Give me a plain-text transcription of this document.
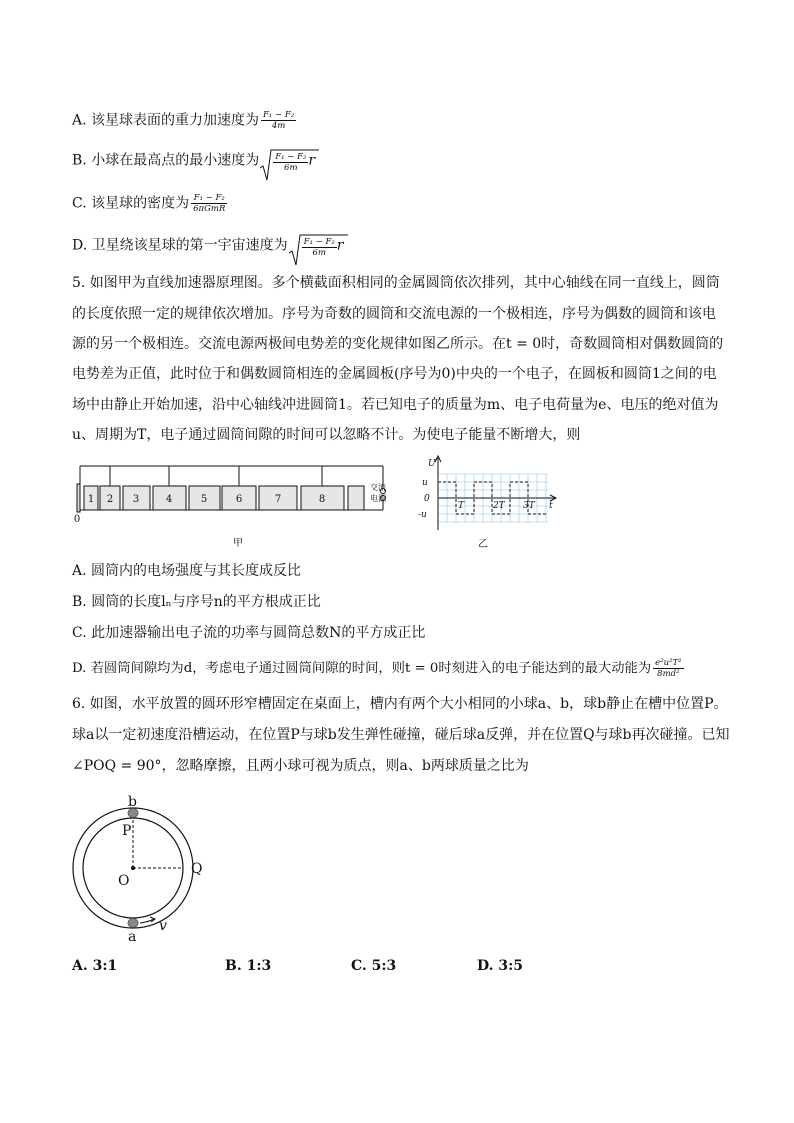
A. 该星球表面的重力加速度为 $\frac{\text{F₁ − F₂}}{4m}$
B. 小球在最高点的最小速度为 $\frac{\text{F₁ − F₂}}{6m}$ r
C. 该星球的密度为 $\frac{\text{F₁ − F₂}}{\text{6πGmR}}$
D. 卫星绕该星球的第一宇宙速度为 $\frac{\text{F₁ − F₂}}{6m}$ r
5. 如图甲为直线加速器原理图。多个横截面积相同的金属圆筒依次排列，其中心轴线在同一直线上，圆筒
的长度依照一定的规律依次增加。序号为奇数的圆筒和交流电源的一个极相连，序号为偶数的圆筒和该电
源的另一个极相连。交流电源两极间电势差的变化规律如图乙所示。在t = 0时，奇数圆筒相对偶数圆筒的
电势差为正值，此时位于和偶数圆筒相连的金属圆板(序号为0)中央的一个电子，在圆板和圆筒1之间的电
场中由静止开始加速，沿中心轴线冲进圆筒1。若已知电子的质量为m、电子电荷量为e、电压的绝对值为
u、周期为T，电子通过圆筒间隙的时间可以忽略不计。为使电子能量不断增大，则
1 2 3	4	5	6	7	8
0
甲
交流
电源
U
t
u
0
-u
T	2T 3T
乙
A. 圆筒内的电场强度与其长度成反比
B. 圆筒的长度lₙ与序号n的平方根成正比
C. 此加速器输出电子流的功率与圆筒总数N的平方成正比
D. 若圆筒间隙均为d，考虑电子通过圆筒间隙的时间，则t = 0时刻进入的电子能达到的最大动能为 $\frac{\text{e²u²T²}}{\text{8md²}}$
6. 如图，水平放置的圆环形窄槽固定在桌面上，槽内有两个大小相同的小球a、b，球b静止在槽中位置P。
球a以一定初速度沿槽运动，在位置P与球b发生弹性碰撞，碰后球a反弹，并在位置Q与球b再次碰撞。已知
∠POQ = 90°，忽略摩擦，且两小球可视为质点，则a、b两球质量之比为
b
P
O
Q
a
v
A. 3:1	B. 1:3	C. 5:3	D. 3:5
